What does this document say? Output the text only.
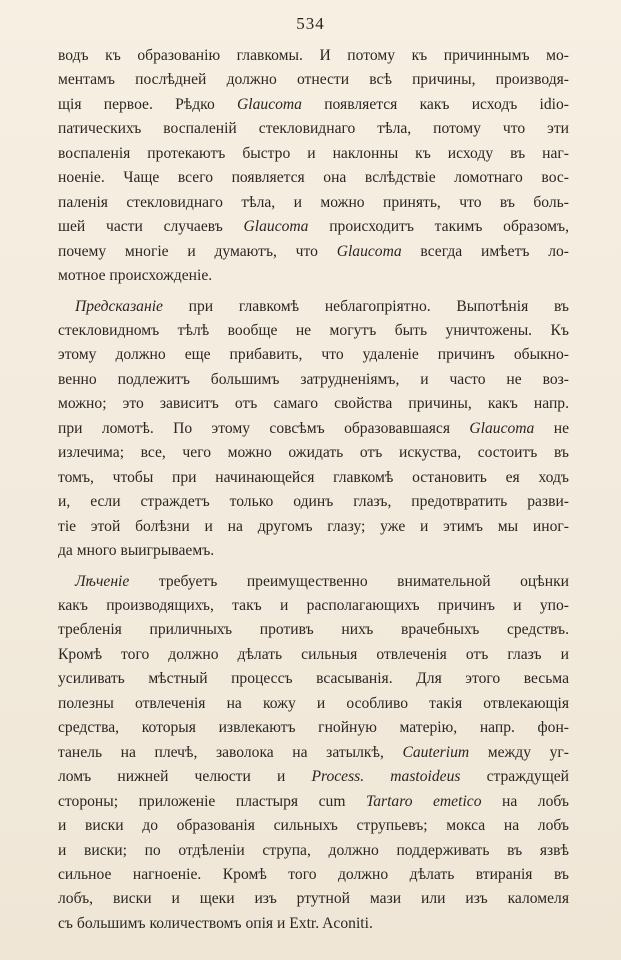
534
водъ къ образованію главкомы. И потому къ причиннымъ мо-
ментамъ послѣдней должно отнести всѣ причины, производя-
щія первое. Рѣдко Glaucoma появляется какъ исходъ idio-
патическихъ воспаленій стекловиднаго тѣла, потому что эти
воспаленія протекаютъ быстро и наклонны къ исходу въ наг-
ноеніе. Чаще всего появляется она вслѣдствіе ломотнаго вос-
паленія стекловиднаго тѣла, и можно принять, что въ боль-
шей части случаевъ Glaucoma происходитъ такимъ образомъ,
почему многіе и думаютъ, что Glaucoma всегда имѣетъ ло-
мотное происхожденіе.
Предсказаніе при главкомѣ неблагопріятно. Выпотѣнія въ
стекловидномъ тѣлѣ вообще не могутъ быть уничтожены. Къ
этому должно еще прибавить, что удаленіе причинъ обыкно-
венно подлежитъ большимъ затрудненіямъ, и часто не воз-
можно; это зависитъ отъ самаго свойства причины, какъ напр.
при ломотѣ. По этому совсѣмъ образовавшаяся Glaucoma не
излечима; все, чего можно ожидать отъ искуства, состоитъ въ
томъ, чтобы при начинающейся главкомѣ остановить ея ходъ
и, если страждетъ только одинъ глазъ, предотвратить разви-
тіе этой болѣзни и на другомъ глазу; уже и этимъ мы иног-
да много выигрываемъ.
Лѣченіе требуетъ преимущественно внимательной оцѣнки
какъ производящихъ, такъ и располагающихъ причинъ и упо-
требленія приличныхъ противъ нихъ врачебныхъ средствъ.
Кромѣ того должно дѣлать сильныя отвлеченія отъ глазъ и
усиливать мѣстный процессъ всасыванія. Для этого весьма
полезны отвлеченія на кожу и особливо такія отвлекающія
средства, которыя извлекаютъ гнойную матерію, напр. фон-
танель на плечѣ, заволока на затылкѣ, Cauterium между уг-
ломъ нижней челюсти и Process. mastoideus страждущей
стороны; приложеніе пластыря cum Tartaro emetico на лобъ
и виски до образованія сильныхъ струпьевъ; мокса на лобъ
и виски; по отдѣленіи струпа, должно поддерживать въ язвѣ
сильное нагноеніе. Кромѣ того должно дѣлать втиранія въ
лобъ, виски и щеки изъ ртутной мази или изъ каломеля
съ большимъ количествомъ опія и Extr. Aconiti.
